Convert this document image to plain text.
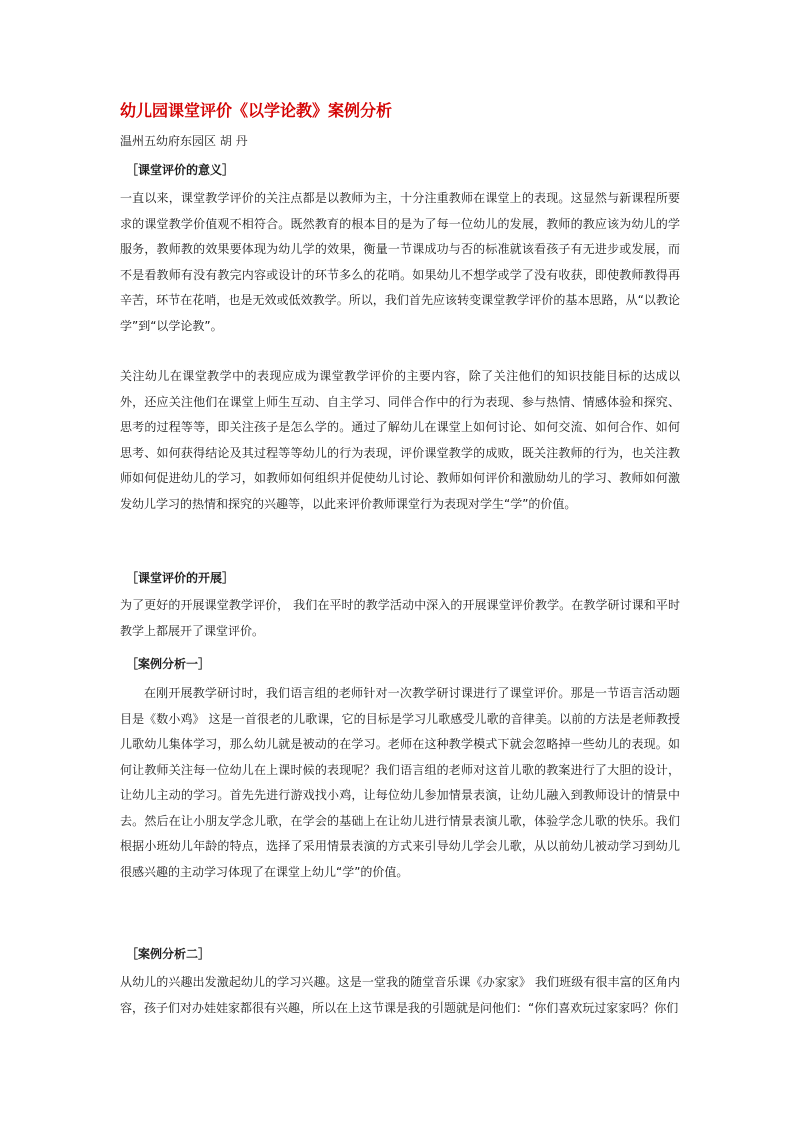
幼儿园课堂评价《以学论教》案例分析
温州五幼府东园区 胡 丹
［课堂评价的意义］

一直以来，课堂教学评价的关注点都是以教师为主，十分注重教师在课堂上的表现。这显然与新课程所要求的课堂教学价值观不相符合。既然教育的根本目的是为了每一位幼儿的发展，教师的教应该为幼儿的学服务，教师教的效果要体现为幼儿学的效果，衡量一节课成功与否的标准就该看孩子有无进步或发展，而不是看教师有没有教完内容或设计的环节多么的花哨。如果幼儿不想学或学了没有收获，即使教师教得再辛苦，环节在花哨，也是无效或低效教学。所以，我们首先应该转变课堂教学评价的基本思路，从“以教论学”到“以学论教”。

关注幼儿在课堂教学中的表现应成为课堂教学评价的主要内容，除了关注他们的知识技能目标的达成以外，还应关注他们在课堂上师生互动、自主学习、同伴合作中的行为表现、参与热情、情感体验和探究、思考的过程等等，即关注孩子是怎么学的。通过了解幼儿在课堂上如何讨论、如何交流、如何合作、如何思考、如何获得结论及其过程等等幼儿的行为表现，评价课堂教学的成败，既关注教师的行为，也关注教师如何促进幼儿的学习，如教师如何组织并促使幼儿讨论、教师如何评价和激励幼儿的学习、教师如何激发幼儿学习的热情和探究的兴趣等，以此来评价教师课堂行为表现对学生“学”的价值。

［课堂评价的开展］

为了更好的开展课堂教学评价， 我们在平时的教学活动中深入的开展课堂评价教学。在教学研讨课和平时教学上都展开了课堂评价。

［案例分析一］

在刚开展教学研讨时，我们语言组的老师针对一次教学研讨课进行了课堂评价。那是一节语言活动题目是《数小鸡》 这是一首很老的儿歌课，它的目标是学习儿歌感受儿歌的音律美。以前的方法是老师教授儿歌幼儿集体学习，那么幼儿就是被动的在学习。老师在这种教学模式下就会忽略掉一些幼儿的表现。如何让教师关注每一位幼儿在上课时候的表现呢？我们语言组的老师对这首儿歌的教案进行了大胆的设计，让幼儿主动的学习。首先先进行游戏找小鸡，让每位幼儿参加情景表演，让幼儿融入到教师设计的情景中去。然后在让小朋友学念儿歌，在学会的基础上在让幼儿进行情景表演儿歌，体验学念儿歌的快乐。我们根据小班幼儿年龄的特点，选择了采用情景表演的方式来引导幼儿学会儿歌，从以前幼儿被动学习到幼儿很感兴趣的主动学习体现了在课堂上幼儿“学”的价值。

［案例分析二］

从幼儿的兴趣出发激起幼儿的学习兴趣。这是一堂我的随堂音乐课《办家家》 我们班级有很丰富的区角内容，孩子们对办娃娃家都很有兴趣，所以在上这节课是我的引题就是问他们：“你们喜欢玩过家家吗？你们
